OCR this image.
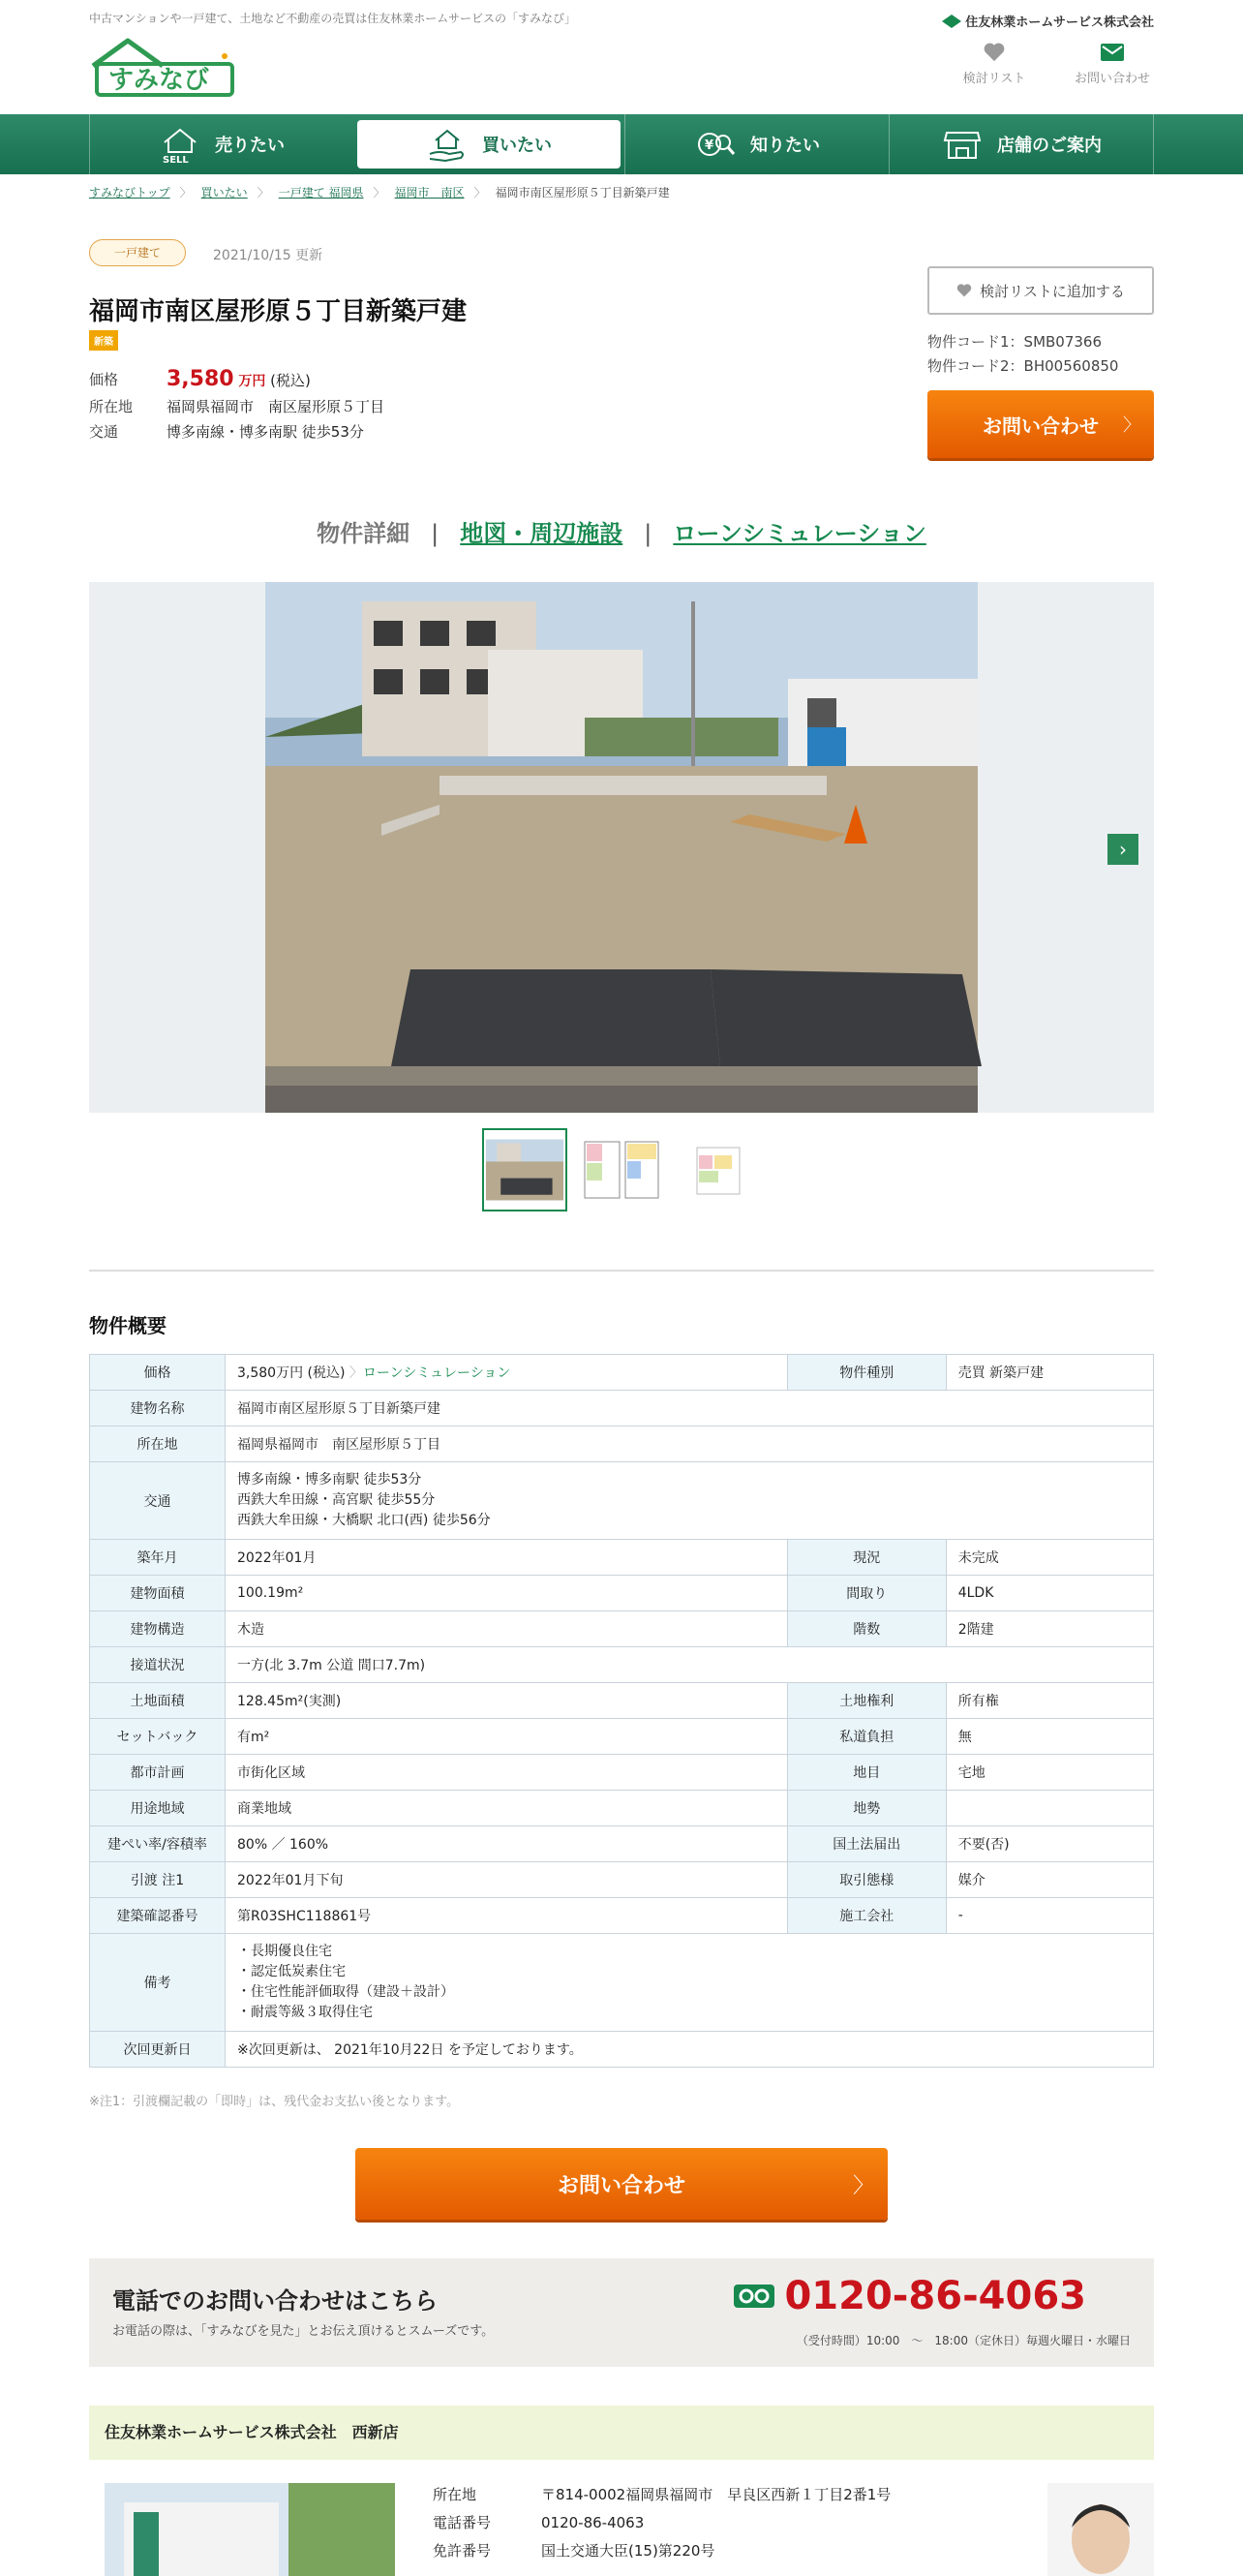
中古マンションや一戸建て、土地など不動産の売買は住友林業ホームサービスの「すみなび」
すみなび
住友林業ホームサービス株式会社
検討リスト	お問い合わせ
SELL
売りたい	買いたい	¥ 知りたい	店舗のご案内
すみなびトップ 〉 買いたい 〉 一戸建て 福岡県 〉 福岡市　南区 〉 福岡市南区屋形原５丁目新築戸建
一戸建て	2021/10/15 更新
福岡市南区屋形原５丁目新築戸建
新築
価格	3,580 万円 (税込)
所在地	福岡県福岡市　南区屋形原５丁目
交通	博多南線・博多南駅 徒歩53分
検討リストに追加する
物件コード1：SMB07366
物件コード2：BH00560850
お問い合わせ 〉
物件詳細 | 地図・周辺施設 | ローンシミュレーション
›
物件概要
価格	3,580万円 (税込) 〉ローンシミュレーション	物件種別	売買 新築戸建
建物名称	福岡市南区屋形原５丁目新築戸建		
所在地	福岡県福岡市　南区屋形原５丁目		
交通	博多南線・博多南駅 徒歩53分
西鉄大牟田線・高宮駅 徒歩55分
西鉄大牟田線・大橋駅 北口(西) 徒歩56分		

築年月	2022年01月	現況	未完成
建物面積	100.19m²	間取り	4LDK
建物構造	木造	階数	2階建
接道状況	一方(北 3.7m 公道 間口7.7m)		
土地面積	128.45m²(実測)	土地権利	所有権
セットバック	有m²	私道負担	無
都市計画	市街化区域	地目	宅地
用途地域	商業地域	地勢	
建ぺい率/容積率	80% ／ 160%	国土法届出	不要(否)
引渡 注1	2022年01月下旬	取引態様	媒介
建築確認番号	第R03SHC118861号	施工会社	-
備考	・長期優良住宅
・認定低炭素住宅
・住宅性能評価取得（建設＋設計）
・耐震等級３取得住宅		

次回更新日	※次回更新は、 2021年10月22日 を予定しております。		
※注1：引渡欄記載の「即時」は、残代金お支払い後となります。
お問い合わせ	〉
電話でのお問い合わせはこちら
お電話の際は、「すみなびを見た」とお伝え頂けるとスムーズです。
0120-86-4063
（受付時間）10:00　～　18:00（定休日）毎週火曜日・水曜日
住友林業ホームサービス株式会社　西新店
所在地	〒814-0002福岡県福岡市　早良区西新１丁目2番1号
電話番号	0120-86-4063
免許番号	国土交通大臣(15)第220号
